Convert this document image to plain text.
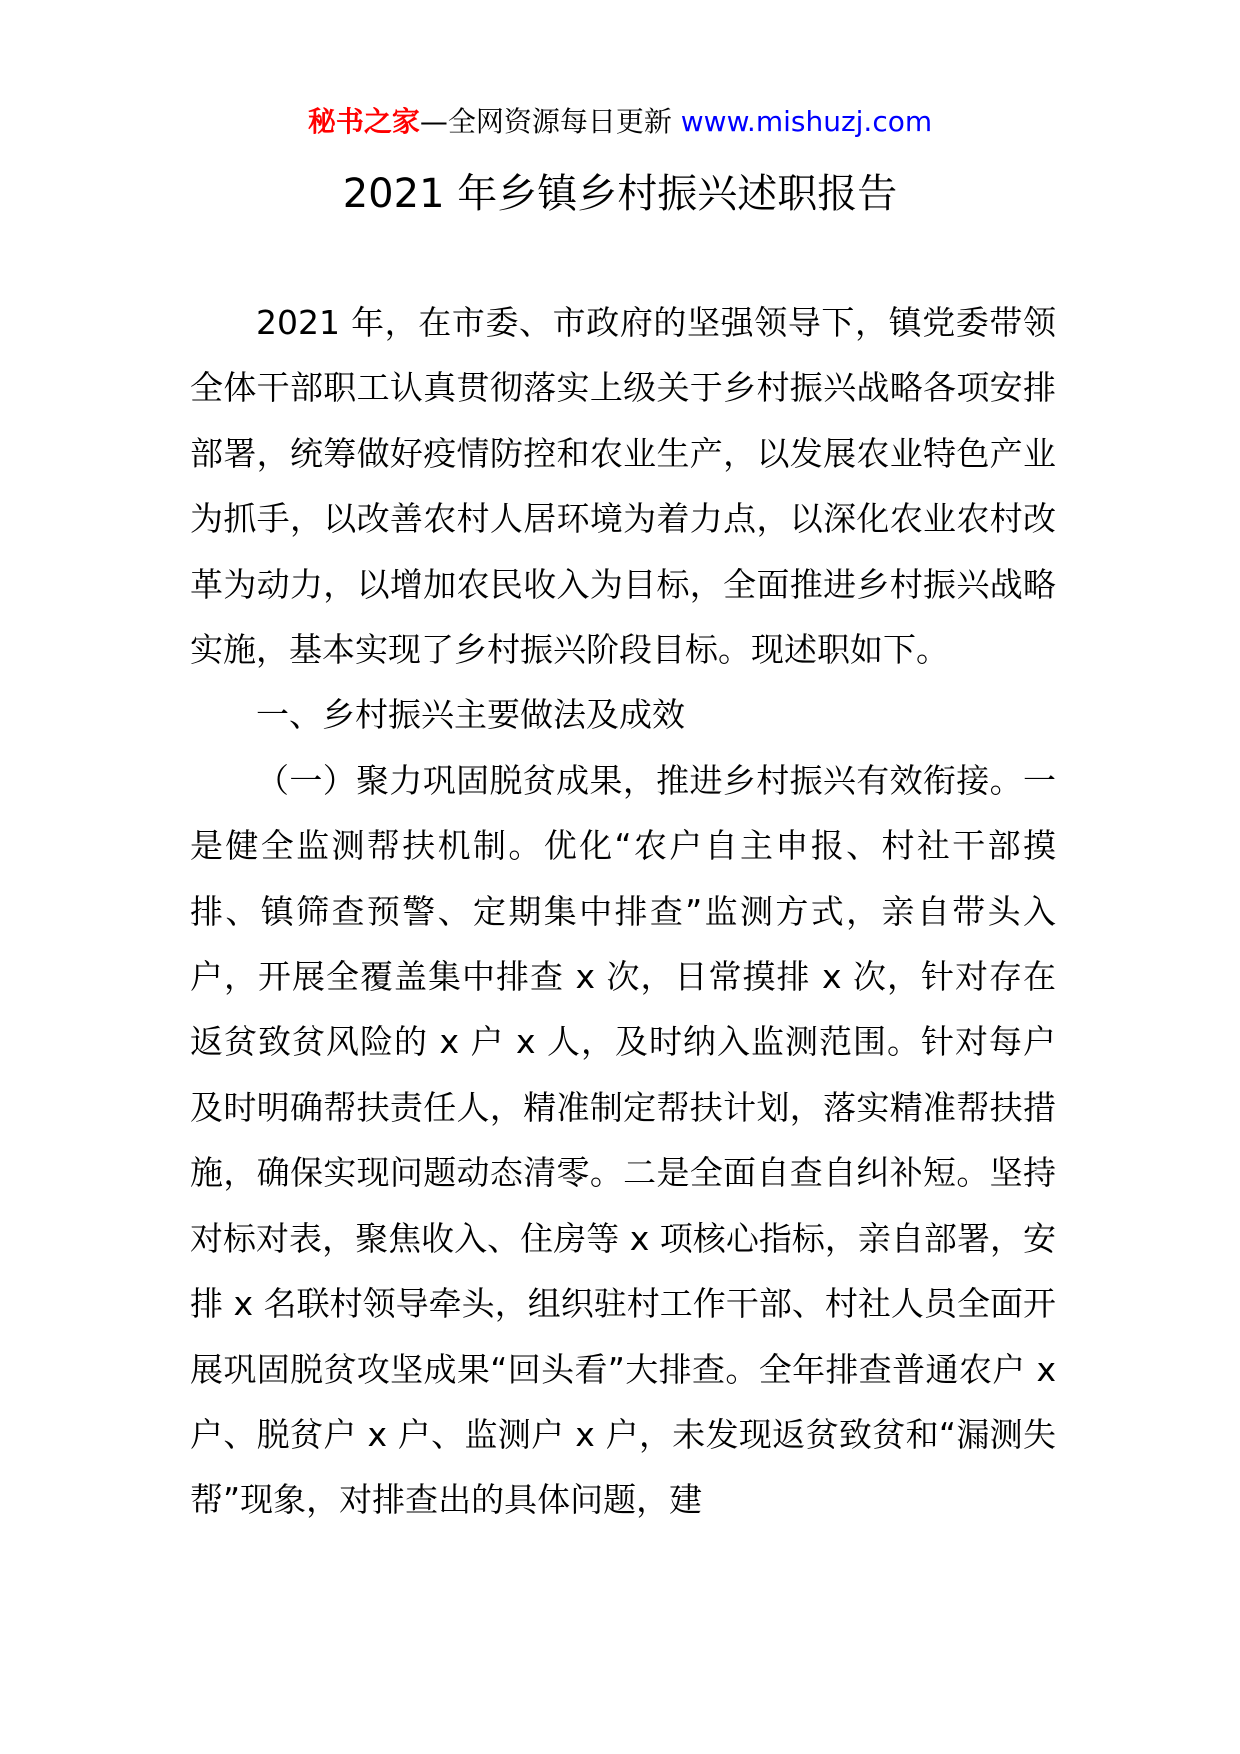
秘书之家—全网资源每日更新 www.mishuzj.com
2021 年乡镇乡村振兴述职报告

2021 年，在市委、市政府的坚强领导下，镇党委带领全体干部职工认真贯彻落实上级关于乡村振兴战略各项安排部署，统筹做好疫情防控和农业生产，以发展农业特色产业为抓手，以改善农村人居环境为着力点，以深化农业农村改革为动力，以增加农民收入为目标，全面推进乡村振兴战略实施，基本实现了乡村振兴阶段目标。现述职如下。

一、乡村振兴主要做法及成效

（一）聚力巩固脱贫成果，推进乡村振兴有效衔接。一是健全监测帮扶机制。优化“农户自主申报、村社干部摸排、镇筛查预警、定期集中排查”监测方式，亲自带头入户，开展全覆盖集中排查 x 次，日常摸排 x 次，针对存在返贫致贫风险的 x 户 x 人，及时纳入监测范围。针对每户及时明确帮扶责任人，精准制定帮扶计划，落实精准帮扶措施，确保实现问题动态清零。二是全面自查自纠补短。坚持对标对表，聚焦收入、住房等 x 项核心指标，亲自部署，安排 x 名联村领导牵头，组织驻村工作干部、村社人员全面开展巩固脱贫攻坚成果“回头看”大排查。全年排查普通农户 x 户、脱贫户 x 户、监测户 x 户，未发现返贫致贫和“漏测失帮”现象，对排查出的具体问题，建
